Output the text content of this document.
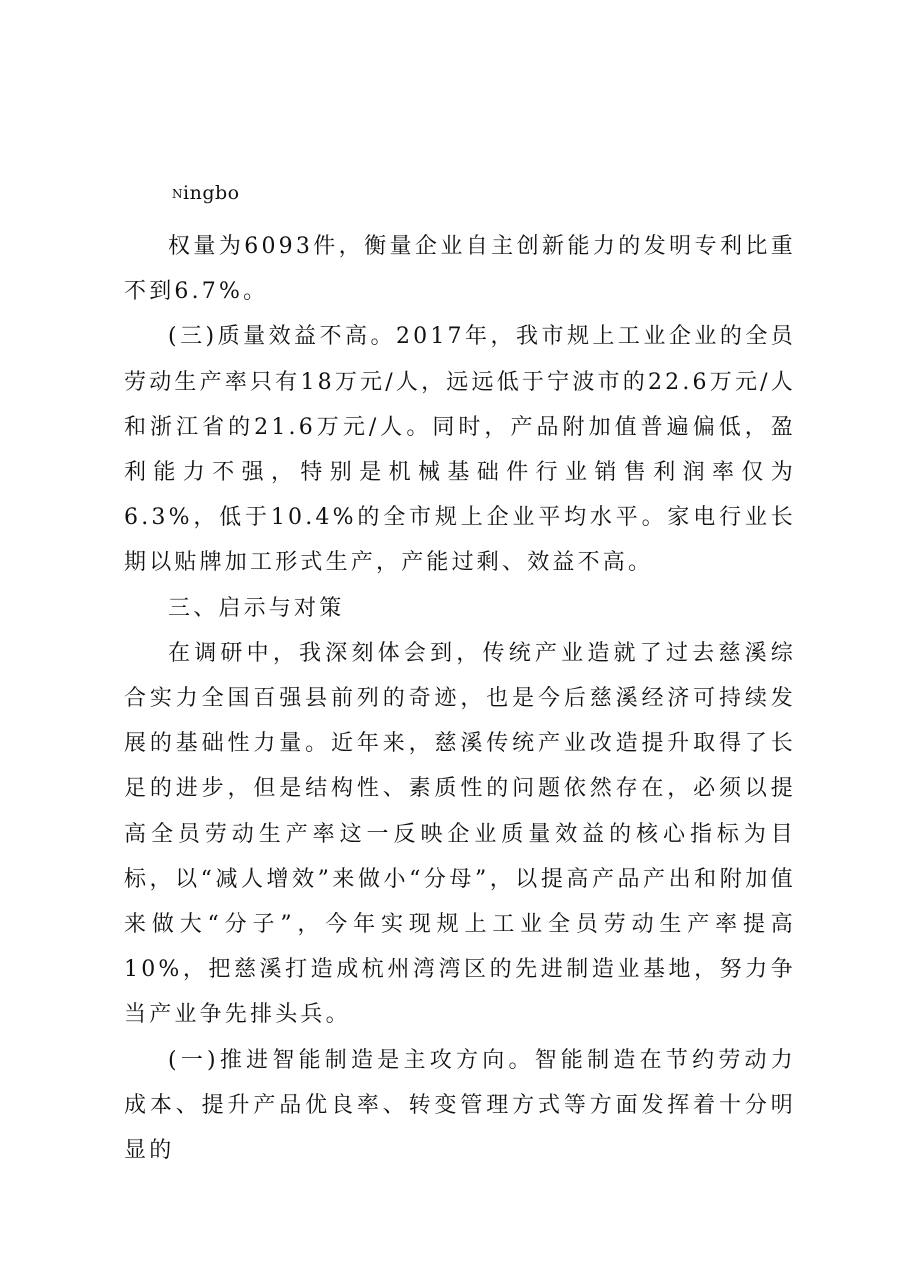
Ningbo

权量为6093件，衡量企业自主创新能力的发明专利比重不到6.7%。

(三)质量效益不高。2017年，我市规上工业企业的全员劳动生产率只有18万元/人，远远低于宁波市的22.6万元/人和浙江省的21.6万元/人。同时，产品附加值普遍偏低，盈利能力不强，特别是机械基础件行业销售利润率仅为6.3%，低于10.4%的全市规上企业平均水平。家电行业长期以贴牌加工形式生产，产能过剩、效益不高。

三、启示与对策

在调研中，我深刻体会到，传统产业造就了过去慈溪综合实力全国百强县前列的奇迹，也是今后慈溪经济可持续发展的基础性力量。近年来，慈溪传统产业改造提升取得了长足的进步，但是结构性、素质性的问题依然存在，必须以提高全员劳动生产率这一反映企业质量效益的核心指标为目标，以“减人增效”来做小“分母”，以提高产品产出和附加值来做大“分子”，今年实现规上工业全员劳动生产率提高10%，把慈溪打造成杭州湾湾区的先进制造业基地，努力争当产业争先排头兵。

(一)推进智能制造是主攻方向。智能制造在节约劳动力成本、提升产品优良率、转变管理方式等方面发挥着十分明显的
